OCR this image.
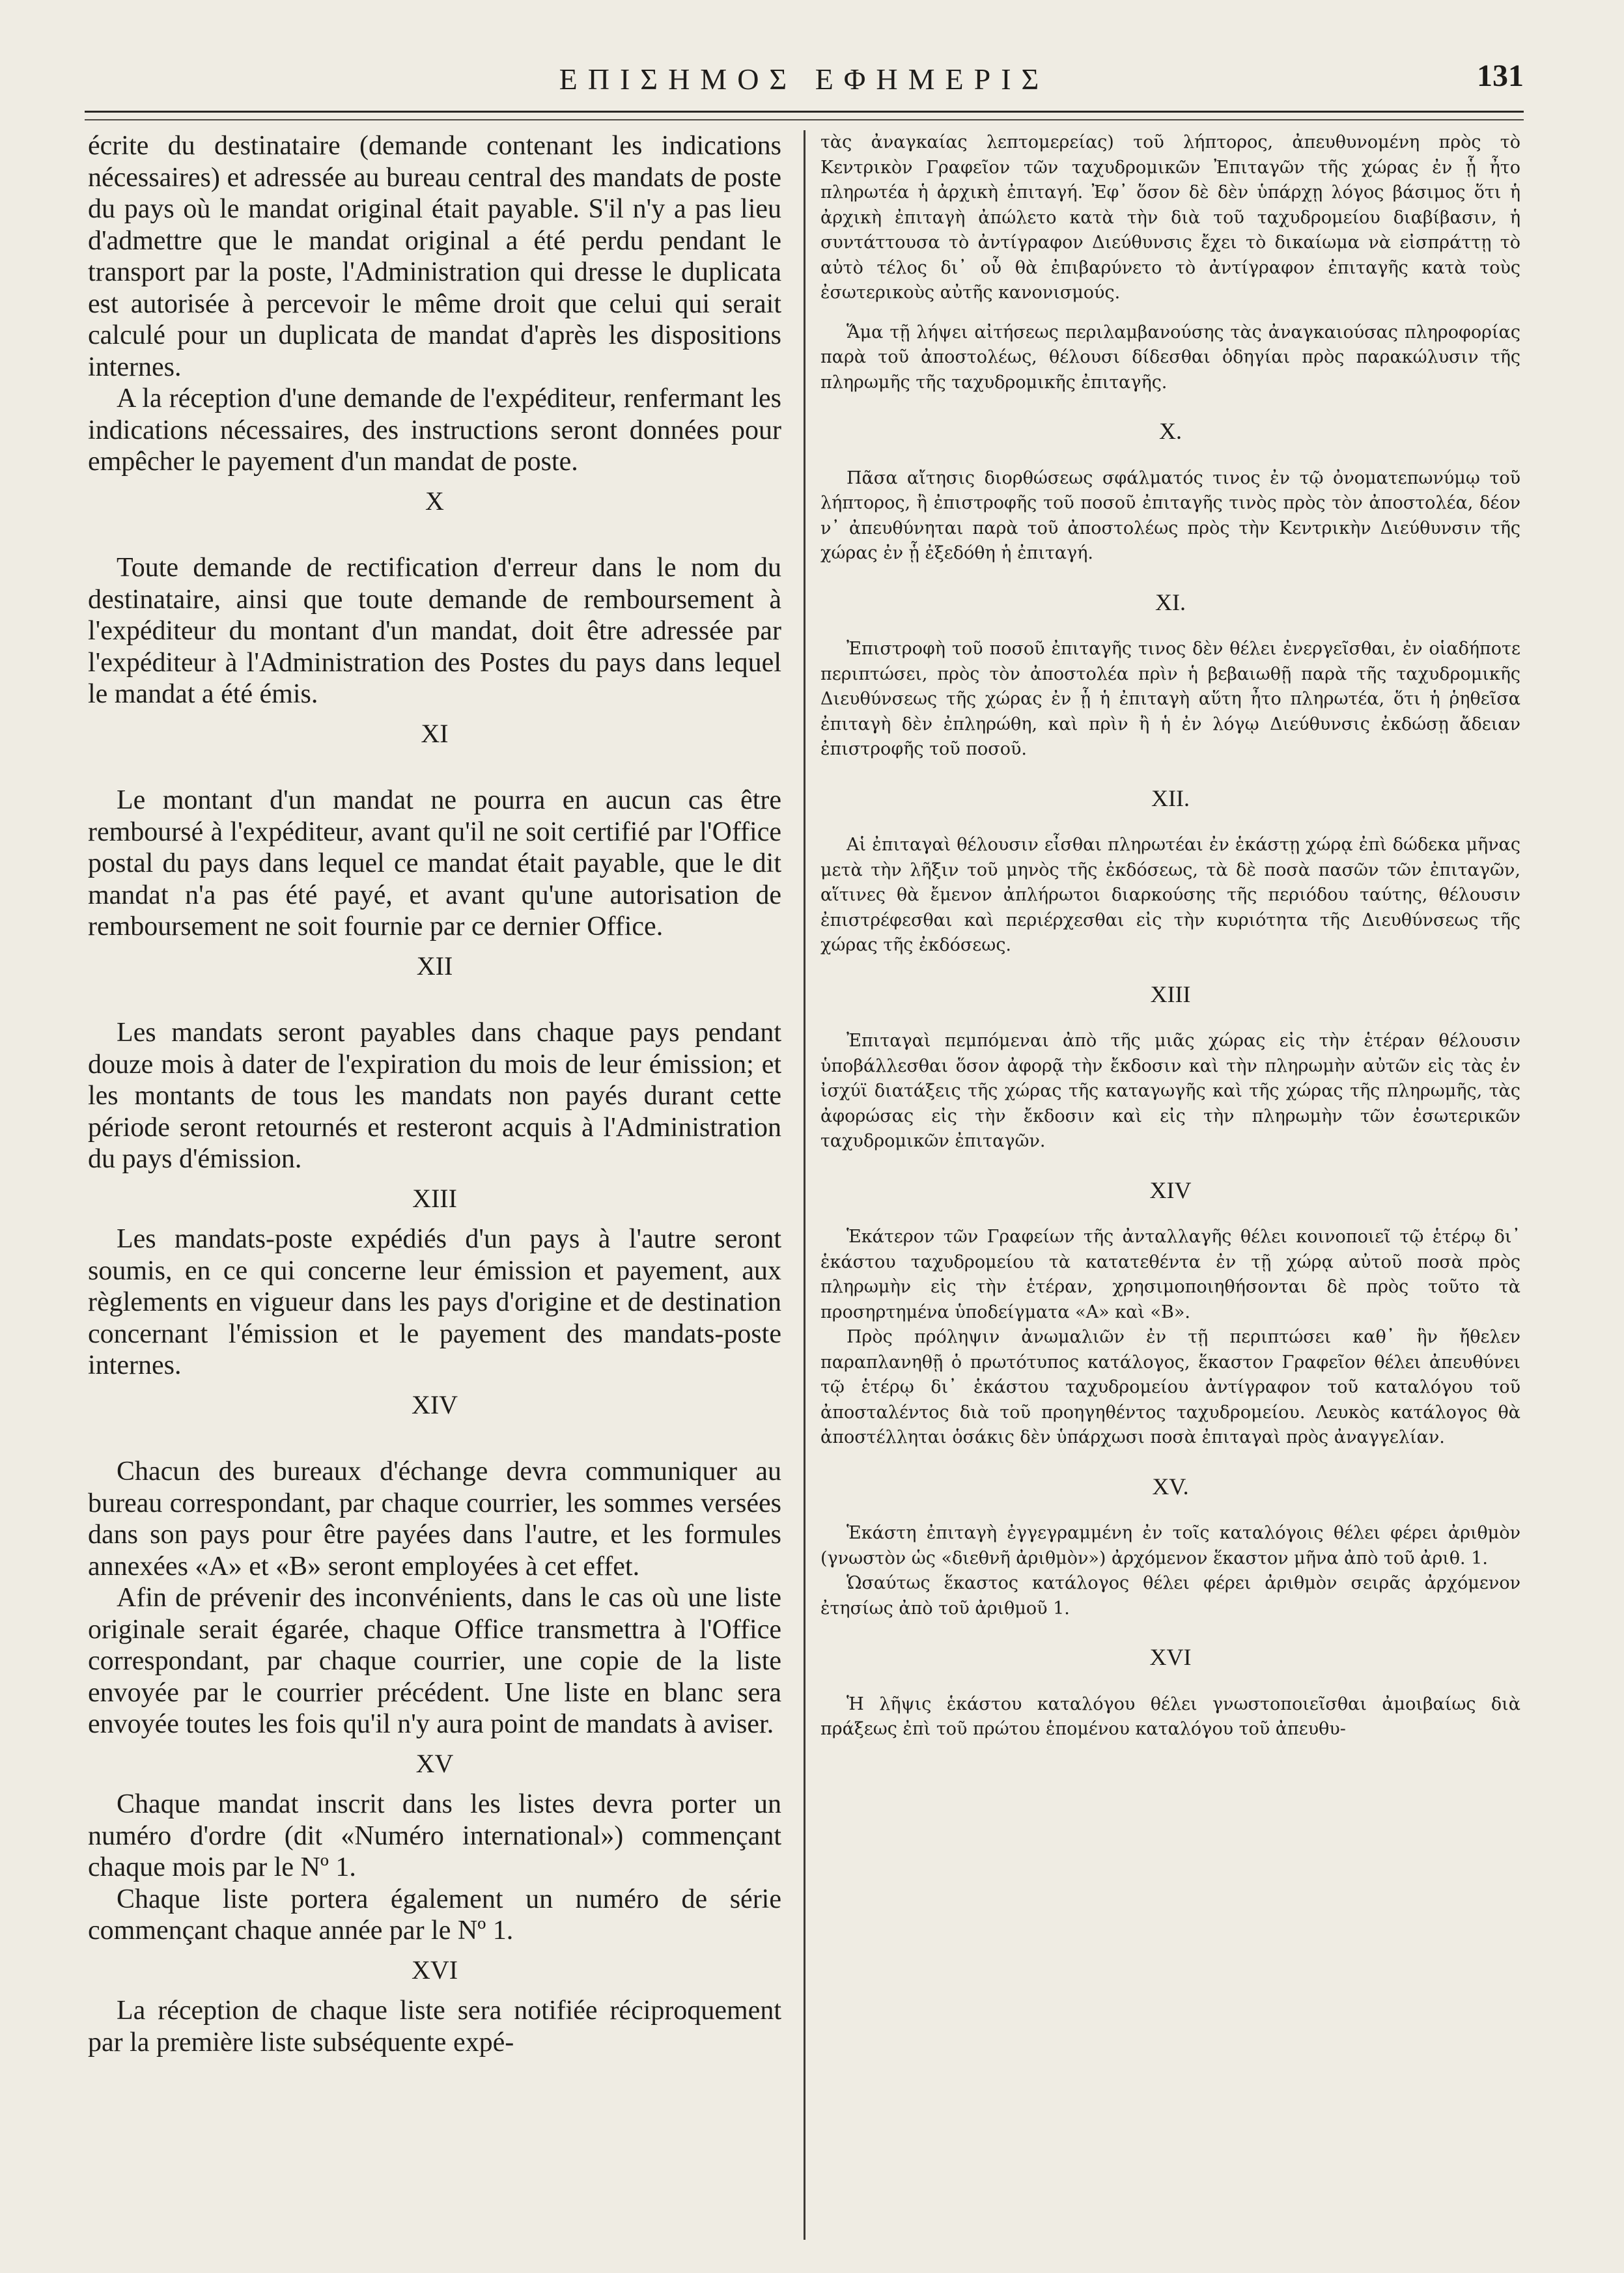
ΕΠΙΣΗΜΟΣ ΕΦΗΜΕΡΙΣ	131

écrite du destinataire (demande contenant les indications nécessaires) et adressée au bureau central des mandats de poste du pays où le mandat original était payable. S'il n'y a pas lieu d'admettre que le mandat original a été perdu pendant le transport par la poste, l'Administration qui dresse le duplicata est autorisée à percevoir le même droit que celui qui serait calculé pour un duplicata de mandat d'après les dispositions internes.

A la réception d'une demande de l'expéditeur, renfermant les indications nécessaires, des instructions seront données pour empêcher le payement d'un mandat de poste.

X

Toute demande de rectification d'erreur dans le nom du destinataire, ainsi que toute demande de remboursement à l'expéditeur du montant d'un mandat, doit être adressée par l'expéditeur à l'Administration des Postes du pays dans lequel le mandat a été émis.

XI

Le montant d'un mandat ne pourra en aucun cas être remboursé à l'expéditeur, avant qu'il ne soit certifié par l'Office postal du pays dans lequel ce mandat était payable, que le dit mandat n'a pas été payé, et avant qu'une autorisation de remboursement ne soit fournie par ce dernier Office.

XII

Les mandats seront payables dans chaque pays pendant douze mois à dater de l'expiration du mois de leur émission; et les montants de tous les mandats non payés durant cette période seront retournés et resteront acquis à l'Administration du pays d'émission.

XIII

Les mandats-poste expédiés d'un pays à l'autre seront soumis, en ce qui concerne leur émission et payement, aux règlements en vigueur dans les pays d'origine et de destination concernant l'émission et le payement des mandats-poste internes.

XIV

Chacun des bureaux d'échange devra communiquer au bureau correspondant, par chaque courrier, les sommes versées dans son pays pour être payées dans l'autre, et les formules annexées «A» et «B» seront employées à cet effet.

Afin de prévenir des inconvénients, dans le cas où une liste originale serait égarée, chaque Office transmettra à l'Office correspondant, par chaque courrier, une copie de la liste envoyée par le courrier précédent. Une liste en blanc sera envoyée toutes les fois qu'il n'y aura point de mandats à aviser.

XV

Chaque mandat inscrit dans les listes devra porter un numéro d'ordre (dit «Numéro international») commençant chaque mois par le Nº 1.

Chaque liste portera également un numéro de série commençant chaque année par le Nº 1.

XVI

La réception de chaque liste sera notifiée réciproquement par la première liste subséquente expé-

τὰς ἀναγκαίας λεπτομερείας) τοῦ λήπτορος, ἀπευθυνομένη πρὸς τὸ Κεντρικὸν Γραφεῖον τῶν ταχυδρομικῶν Ἐπιταγῶν τῆς χώρας ἐν ᾗ ἦτο πληρωτέα ἡ ἀρχικὴ ἐπιταγή. Ἐφ᾽ ὅσον δὲ δὲν ὑπάρχῃ λόγος βάσιμος ὅτι ἡ ἀρχικὴ ἐπιταγὴ ἀπώλετο κατὰ τὴν διὰ τοῦ ταχυδρομείου διαβίβασιν, ἡ συντάττουσα τὸ ἀντίγραφον Διεύθυνσις ἔχει τὸ δικαίωμα νὰ εἰσπράττῃ τὸ αὐτὸ τέλος δι᾽ οὗ θὰ ἐπιβαρύνετο τὸ ἀντίγραφον ἐπιταγῆς κατὰ τοὺς ἐσωτερικοὺς αὐτῆς κανονισμούς.

Ἅμα τῇ λήψει αἰτήσεως περιλαμβανούσης τὰς ἀναγκαιούσας πληροφορίας παρὰ τοῦ ἀποστολέως, θέλουσι δίδεσθαι ὁδηγίαι πρὸς παρακώλυσιν τῆς πληρωμῆς τῆς ταχυδρομικῆς ἐπιταγῆς.

X.

Πᾶσα αἴτησις διορθώσεως σφάλματός τινος ἐν τῷ ὀνοματεπωνύμῳ τοῦ λήπτορος, ἢ ἐπιστροφῆς τοῦ ποσοῦ ἐπιταγῆς τινὸς πρὸς τὸν ἀποστολέα, δέον ν᾽ ἀπευθύνηται παρὰ τοῦ ἀποστολέως πρὸς τὴν Κεντρικὴν Διεύθυνσιν τῆς χώρας ἐν ᾗ ἐξεδόθη ἡ ἐπιταγή.

XI.

Ἐπιστροφὴ τοῦ ποσοῦ ἐπιταγῆς τινος δὲν θέλει ἐνεργεῖσθαι, ἐν οἱαδήποτε περιπτώσει, πρὸς τὸν ἀποστολέα πρὶν ἡ βεβαιωθῇ παρὰ τῆς ταχυδρομικῆς Διευθύνσεως τῆς χώρας ἐν ᾗ ἡ ἐπιταγὴ αὕτη ἦτο πληρωτέα, ὅτι ἡ ῥηθεῖσα ἐπιταγὴ δὲν ἐπληρώθη, καὶ πρὶν ἢ ἡ ἐν λόγῳ Διεύθυνσις ἐκδώσῃ ἄδειαν ἐπιστροφῆς τοῦ ποσοῦ.

XII.

Αἱ ἐπιταγαὶ θέλουσιν εἶσθαι πληρωτέαι ἐν ἑκάστῃ χώρᾳ ἐπὶ δώδεκα μῆνας μετὰ τὴν λῆξιν τοῦ μηνὸς τῆς ἐκδόσεως, τὰ δὲ ποσὰ πασῶν τῶν ἐπιταγῶν, αἵτινες θὰ ἔμενον ἀπλήρωτοι διαρκούσης τῆς περιόδου ταύτης, θέλουσιν ἐπιστρέφεσθαι καὶ περιέρχεσθαι εἰς τὴν κυριότητα τῆς Διευθύνσεως τῆς χώρας τῆς ἐκδόσεως.

XIII

Ἐπιταγαὶ πεμπόμεναι ἀπὸ τῆς μιᾶς χώρας εἰς τὴν ἑτέραν θέλουσιν ὑποβάλλεσθαι ὅσον ἀφορᾷ τὴν ἔκδοσιν καὶ τὴν πληρωμὴν αὐτῶν εἰς τὰς ἐν ἰσχύϊ διατάξεις τῆς χώρας τῆς καταγωγῆς καὶ τῆς χώρας τῆς πληρωμῆς, τὰς ἀφορώσας εἰς τὴν ἔκδοσιν καὶ εἰς τὴν πληρωμὴν τῶν ἐσωτερικῶν ταχυδρομικῶν ἐπιταγῶν.

XIV

Ἑκάτερον τῶν Γραφείων τῆς ἀνταλλαγῆς θέλει κοινοποιεῖ τῷ ἑτέρῳ δι᾽ ἑκάστου ταχυδρομείου τὰ κατατεθέντα ἐν τῇ χώρᾳ αὐτοῦ ποσὰ πρὸς πληρωμὴν εἰς τὴν ἑτέραν, χρησιμοποιηθήσονται δὲ πρὸς τοῦτο τὰ προσηρτημένα ὑποδείγματα «Α» καὶ «Β».

Πρὸς πρόληψιν ἀνωμαλιῶν ἐν τῇ περιπτώσει καθ᾽ ἣν ἤθελεν παραπλανηθῇ ὁ πρωτότυπος κατάλογος, ἕκαστον Γραφεῖον θέλει ἀπευθύνει τῷ ἑτέρῳ δι᾽ ἑκάστου ταχυδρομείου ἀντίγραφον τοῦ καταλόγου τοῦ ἀποσταλέντος διὰ τοῦ προηγηθέντος ταχυδρομείου. Λευκὸς κατάλογος θὰ ἀποστέλληται ὁσάκις δὲν ὑπάρχωσι ποσὰ ἐπιταγαὶ πρὸς ἀναγγελίαν.

XV.

Ἑκάστη ἐπιταγὴ ἐγγεγραμμένη ἐν τοῖς καταλόγοις θέλει φέρει ἀριθμὸν (γνωστὸν ὡς «διεθνῆ ἀριθμὸν») ἀρχόμενον ἕκαστον μῆνα ἀπὸ τοῦ ἀριθ. 1.

Ὡσαύτως ἕκαστος κατάλογος θέλει φέρει ἀριθμὸν σειρᾶς ἀρχόμενον ἐτησίως ἀπὸ τοῦ ἀριθμοῦ 1.

XVI

Ἡ λῆψις ἑκάστου καταλόγου θέλει γνωστοποιεῖσθαι ἀμοιβαίως διὰ πράξεως ἐπὶ τοῦ πρώτου ἑπομένου καταλόγου τοῦ ἀπευθυ-
